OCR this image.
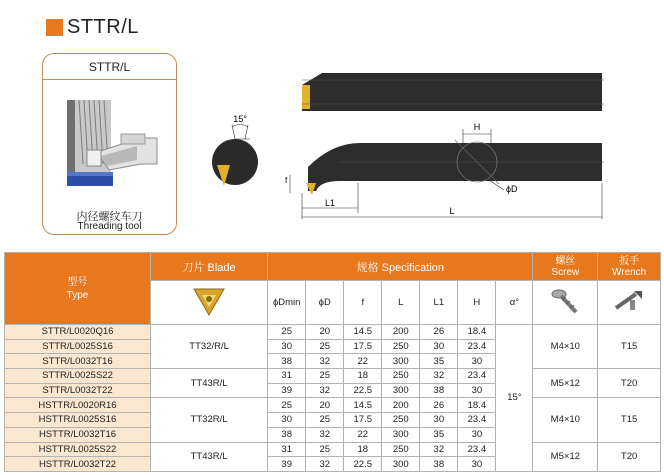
STTR/L
STTR/L
内径螺纹车刀
Threading tool
15°
H
ϕD
f
L1
L
型号
Type	刀片 Blade	规格 Specification							螺丝
Screw	扳手
Wrench

	ϕDmin	ϕD	f	L	L1	H	α°		
STTR/L0020Q16	TT32/R/L	25	20	14.5	200	26	18.4	15°	M4×10	T15
STTR/L0025S16		30	25	17.5	250	30	23.4			
STTR/L0032T16		38	32	22	300	35	30			
STTR/L0025S22	TT43R/L	31	25	18	250	32	23.4		M5×12	T20
STTR/L0032T22		39	32	22.5	300	38	30			
HSTTR/L0020R16	TT32R/L	25	20	14.5	200	26	18.4		M4×10	T15
HSTTR/L0025S16		30	25	17.5	250	30	23.4			
HSTTR/L0032T16		38	32	22	300	35	30			
HSTTR/L0025S22	TT43R/L	31	25	18	250	32	23.4		M5×12	T20
HSTTR/L0032T22		39	32	22.5	300	38	30			
